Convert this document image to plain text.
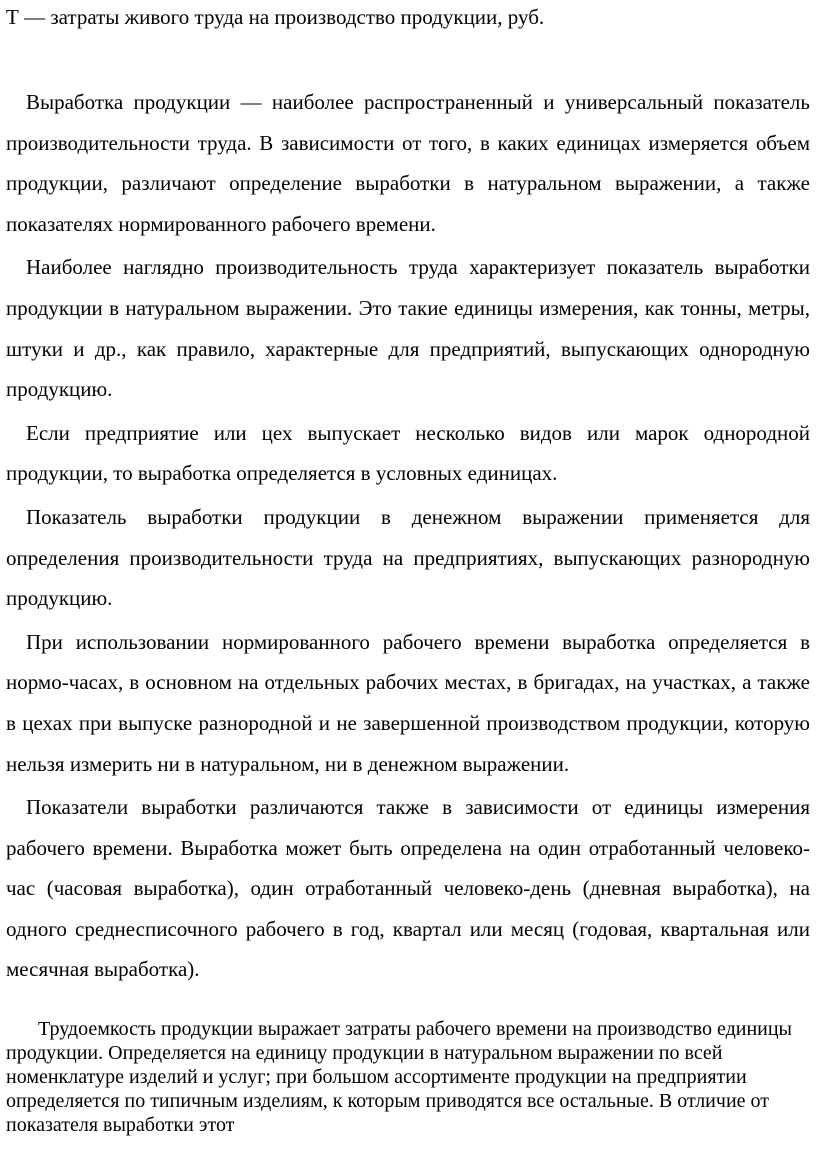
Т — затраты живого труда на производство продукции, руб.

Выработка продукции — наиболее распространенный и универсальный показатель производительности труда. В зависимости от того, в каких единицах измеряется объем продукции, различают определение выработки в натуральном выражении, а также показателях нормированного рабочего времени.

Наиболее наглядно производительность труда характеризует показатель выработки продукции в натуральном выражении. Это такие единицы измерения, как тонны, метры, штуки и др., как правило, характерные для предприятий, выпускающих однородную продукцию.

Если предприятие или цех выпускает несколько видов или марок однородной продукции, то выработка определяется в условных единицах.

Показатель выработки продукции в денежном выражении применяется для определения производительности труда на предприятиях, выпускающих разнородную продукцию.

При использовании нормированного рабочего времени выработка определяется в нормо-часах, в основном на отдельных рабочих местах, в бригадах, на участках, а также в цехах при выпуске разнородной и не завершенной производством продукции, которую нельзя измерить ни в натуральном, ни в денежном выражении.

Показатели выработки различаются также в зависимости от единицы измерения рабочего времени. Выработка может быть определена на один отработанный человеко-час (часовая выработка), один отработанный человеко-день (дневная выработка), на одного среднесписочного рабочего в год, квартал или месяц (годовая, квартальная или месячная выработка).

Трудоемкость продукции выражает затраты рабочего времени на производство единицы продукции. Определяется на единицу продукции в натуральном выражении по всей номенклатуре изделий и услуг; при большом ассортименте продукции на предприятии определяется по типичным изделиям, к которым приводятся все остальные. В отличие от показателя выработки этот
